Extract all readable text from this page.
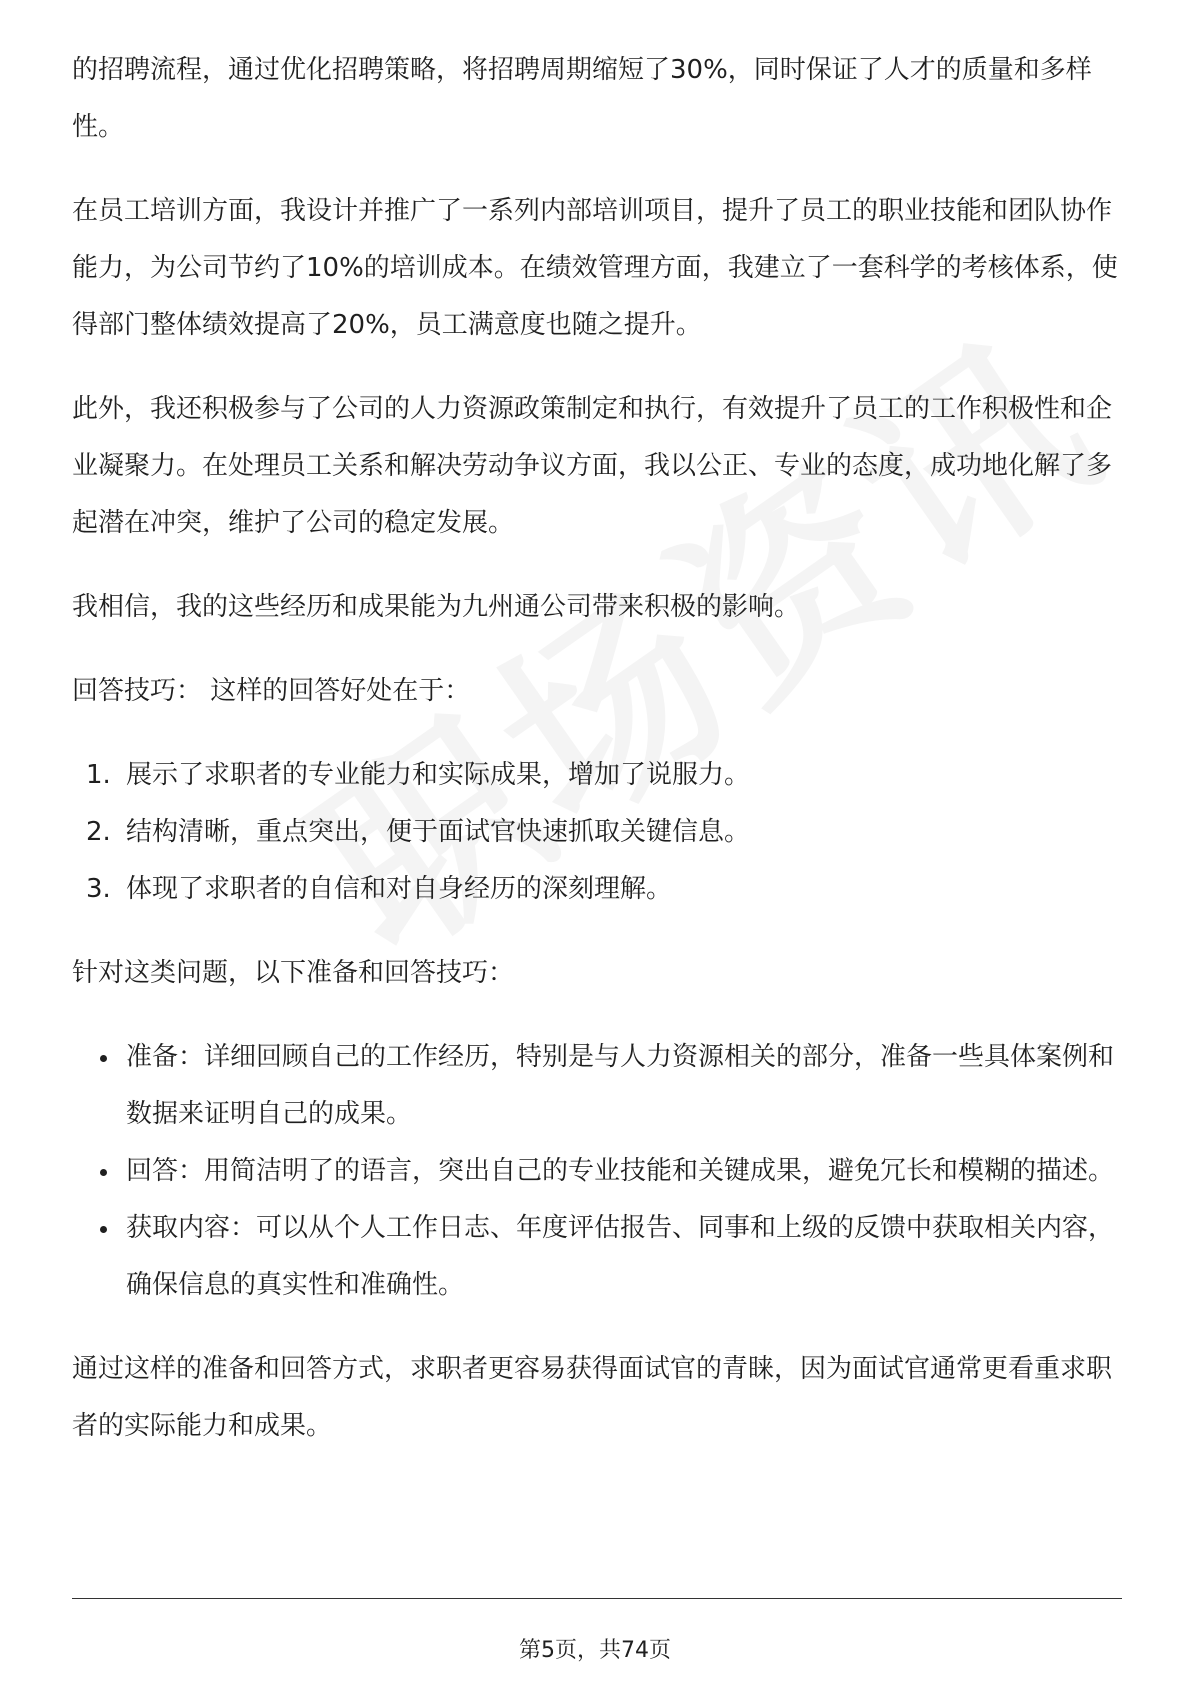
的招聘流程，通过优化招聘策略，将招聘周期缩短了30%，同时保证了人才的质量和多样性。

在员工培训方面，我设计并推广了一系列内部培训项目，提升了员工的职业技能和团队协作能力，为公司节约了10%的培训成本。在绩效管理方面，我建立了一套科学的考核体系，使得部门整体绩效提高了20%，员工满意度也随之提升。

此外，我还积极参与了公司的人力资源政策制定和执行，有效提升了员工的工作积极性和企业凝聚力。在处理员工关系和解决劳动争议方面，我以公正、专业的态度，成功地化解了多起潜在冲突，维护了公司的稳定发展。

我相信，我的这些经历和成果能为九州通公司带来积极的影响。

回答技巧： 这样的回答好处在于：

1. 展示了求职者的专业能力和实际成果，增加了说服力。
2. 结构清晰，重点突出，便于面试官快速抓取关键信息。
3. 体现了求职者的自信和对自身经历的深刻理解。

针对这类问题，以下准备和回答技巧：

准备：详细回顾自己的工作经历，特别是与人力资源相关的部分，准备一些具体案例和数据来证明自己的成果。
回答：用简洁明了的语言，突出自己的专业技能和关键成果，避免冗长和模糊的描述。
获取内容：可以从个人工作日志、年度评估报告、同事和上级的反馈中获取相关内容，确保信息的真实性和准确性。

通过这样的准备和回答方式，求职者更容易获得面试官的青睐，因为面试官通常更看重求职者的实际能力和成果。

第5页，共74页
